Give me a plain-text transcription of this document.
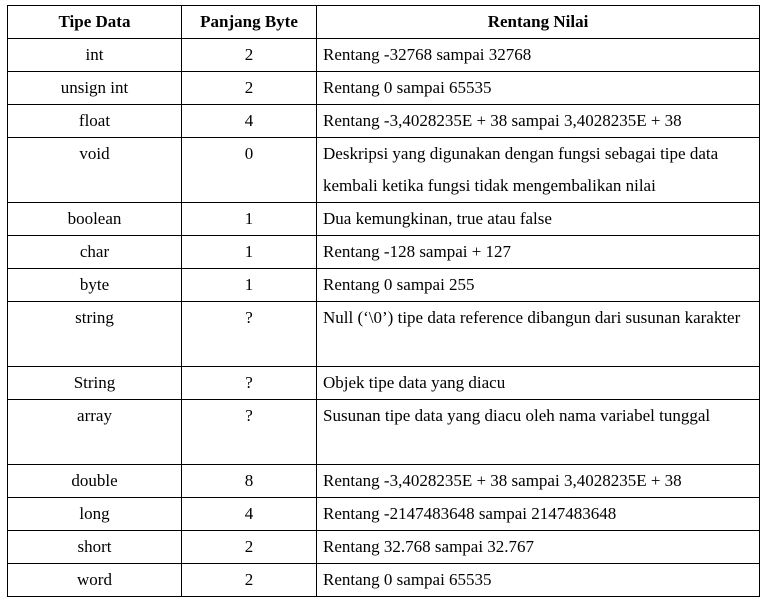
Tipe Data	Panjang Byte	Rentang Nilai
int	2	Rentang -32768 sampai 32768
unsign int	2	Rentang 0 sampai 65535
float	4	Rentang -3,4028235E + 38 sampai 3,4028235E + 38
void	0	Deskripsi yang digunakan dengan fungsi sebagai tipe data kembali ketika fungsi tidak mengembalikan nilai
boolean	1	Dua kemungkinan, true atau false
char	1	Rentang -128 sampai + 127
byte	1	Rentang 0 sampai 255
string	?	Null (‘\0’) tipe data reference dibangun dari susunan karakter
String	?	Objek tipe data yang diacu
array	?	Susunan tipe data yang diacu oleh nama variabel tunggal
double	8	Rentang -3,4028235E + 38 sampai 3,4028235E + 38
long	4	Rentang -2147483648 sampai 2147483648
short	2	Rentang 32.768 sampai 32.767
word	2	Rentang 0 sampai 65535
